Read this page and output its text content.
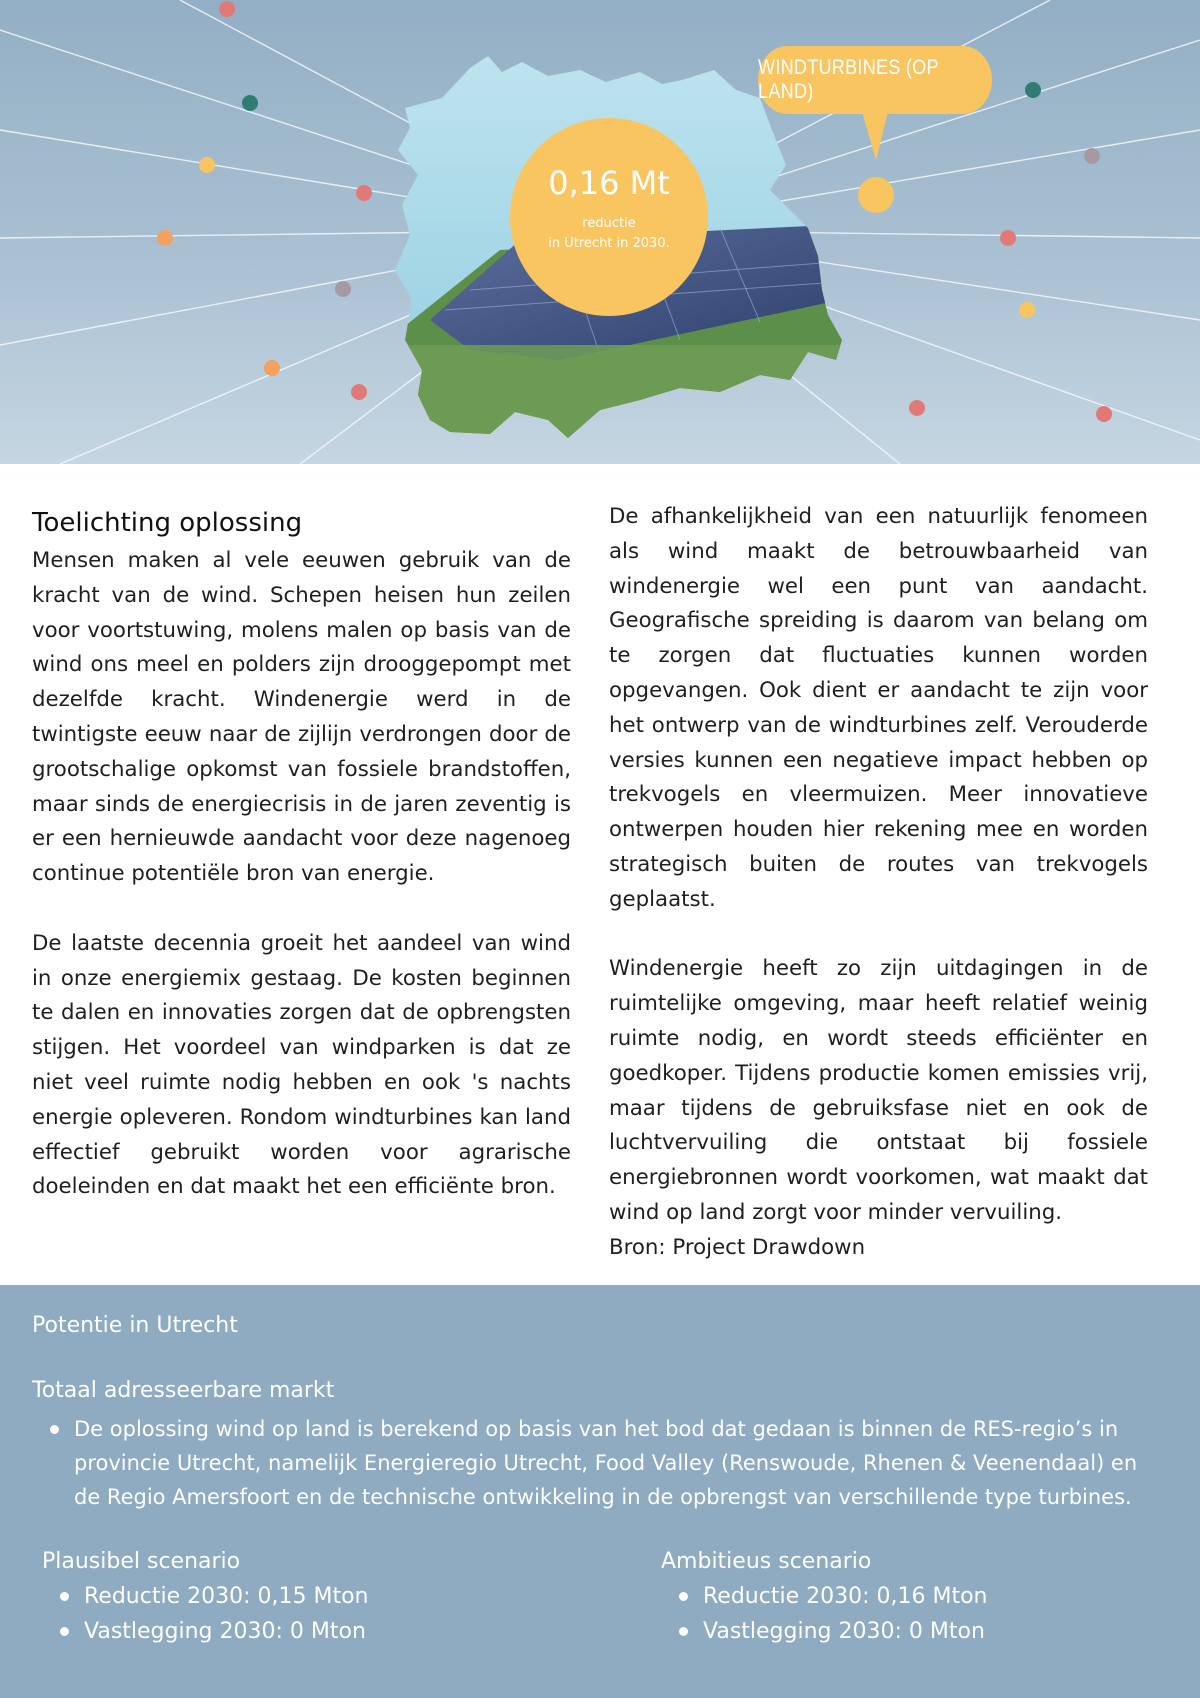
WINDTURBINES (OP LAND)
0,16 Mt
reductie
in Utrecht in 2030.
Toelichting oplossing

Mensen maken al vele eeuwen gebruik van de kracht van de wind. Schepen heisen hun zeilen voor voortstuwing, molens malen op basis van de wind ons meel en polders zijn drooggepompt met dezelfde kracht. Windenergie werd in de twintigste eeuw naar de zijlijn verdrongen door de grootschalige opkomst van fossiele brandstoffen, maar sinds de energiecrisis in de jaren zeventig is er een hernieuwde aandacht voor deze nagenoeg continue potentiële bron van energie.

De laatste decennia groeit het aandeel van wind in onze energiemix gestaag. De kosten beginnen te dalen en innovaties zorgen dat de opbrengsten stijgen. Het voordeel van windparken is dat ze niet veel ruimte nodig hebben en ook 's nachts energie opleveren. Rondom windturbines kan land effectief gebruikt worden voor agrarische doeleinden en dat maakt het een efficiënte bron.

De afhankelijkheid van een natuurlijk fenomeen als wind maakt de betrouwbaarheid van windenergie wel een punt van aandacht. Geografische spreiding is daarom van belang om te zorgen dat fluctuaties kunnen worden opgevangen. Ook dient er aandacht te zijn voor het ontwerp van de windturbines zelf. Verouderde versies kunnen een negatieve impact hebben op trekvogels en vleermuizen. Meer innovatieve ontwerpen houden hier rekening mee en worden strategisch buiten de routes van trekvogels geplaatst.

Windenergie heeft zo zijn uitdagingen in de ruimtelijke omgeving, maar heeft relatief weinig ruimte nodig, en wordt steeds efficiënter en goedkoper. Tijdens productie komen emissies vrij, maar tijdens de gebruiksfase niet en ook de luchtvervuiling die ontstaat bij fossiele energiebronnen wordt voorkomen, wat maakt dat wind op land zorgt voor minder vervuiling.

Bron: Project Drawdown
Potentie in Utrecht
Totaal adresseerbare markt
De oplossing wind op land is berekend op basis van het bod dat gedaan is binnen de RES-regio’s in provincie Utrecht, namelijk Energieregio Utrecht, Food Valley (Renswoude, Rhenen & Veenendaal) en de Regio Amersfoort en de technische ontwikkeling in de opbrengst van verschillende type turbines.
Plausibel scenario
Reductie 2030: 0,15 Mton
Vastlegging 2030: 0 Mton
Ambitieus scenario
Reductie 2030: 0,16 Mton
Vastlegging 2030: 0 Mton
